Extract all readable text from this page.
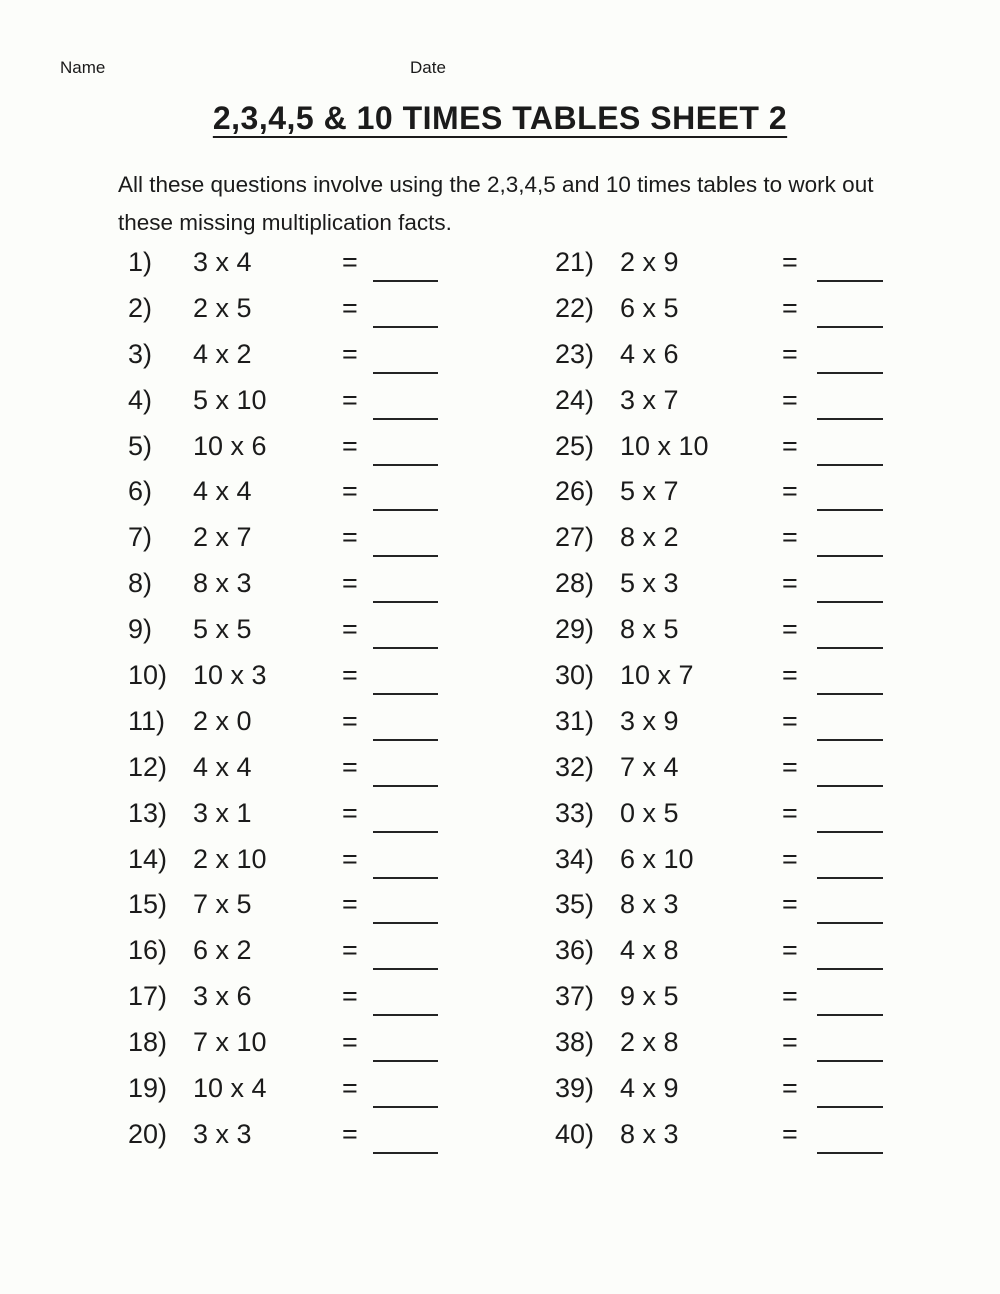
Name	Date
2,3,4,5 & 10 TIMES TABLES SHEET 2

All these questions involve using the 2,3,4,5 and 10 times tables to work out
these missing multiplication facts.

1) 3 x 4	=
2) 2 x 5	=
3) 4 x 2	=
4) 5 x 10	=
5) 10 x 6	=
6) 4 x 4	=
7) 2 x 7	=
8) 8 x 3	=
9) 5 x 5	=
10) 10 x 3	=
11) 2 x 0	=
12) 4 x 4	=
13) 3 x 1	=
14) 2 x 10	=
15) 7 x 5	=
16) 6 x 2	=
17) 3 x 6	=
18) 7 x 10	=
19) 10 x 4	=
20) 3 x 3	=
21) 2 x 9	=
22) 6 x 5	=
23) 4 x 6	=
24) 3 x 7	=
25) 10 x 10	=
26) 5 x 7	=
27) 8 x 2	=
28) 5 x 3	=
29) 8 x 5	=
30) 10 x 7	=
31) 3 x 9	=
32) 7 x 4	=
33) 0 x 5	=
34) 6 x 10	=
35) 8 x 3	=
36) 4 x 8	=
37) 9 x 5	=
38) 2 x 8	=
39) 4 x 9	=
40) 8 x 3	=
